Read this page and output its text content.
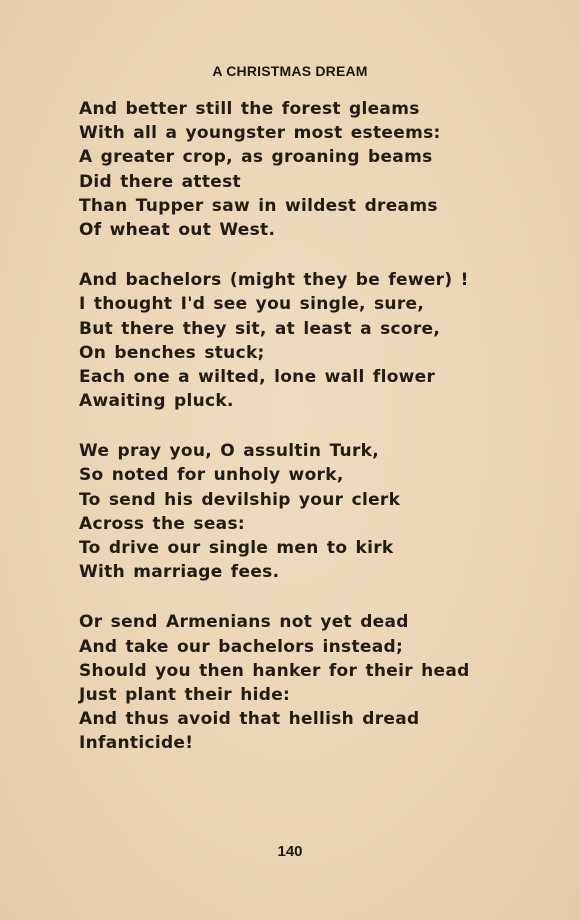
A CHRISTMAS DREAM
And better still the forest gleams
With all a youngster most esteems:
A greater crop, as groaning beams
Did there attest
Than Tupper saw in wildest dreams
Of wheat out West.
And bachelors (might they be fewer) !
I thought I'd see you single, sure,
But there they sit, at least a score,
On benches stuck;
Each one a wilted, lone wall flower
Awaiting pluck.
We pray you, O assultin Turk,
So noted for unholy work,
To send his devilship your clerk
Across the seas:
To drive our single men to kirk
With marriage fees.
Or send Armenians not yet dead
And take our bachelors instead;
Should you then hanker for their head
Just plant their hide:
And thus avoid that hellish dread
Infanticide!
140
